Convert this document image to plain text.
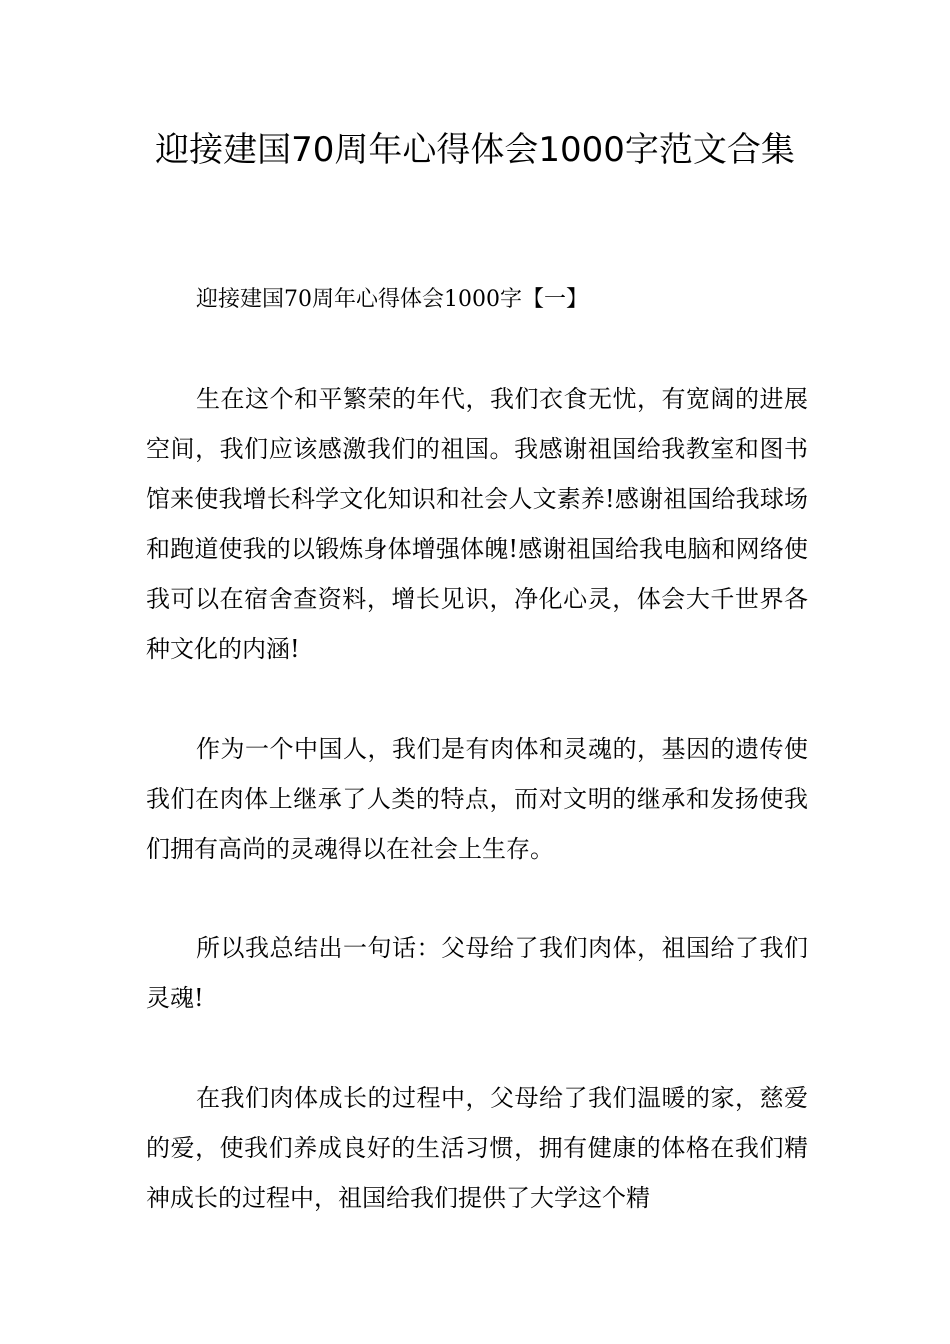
迎接建国70周年心得体会1000字范文合集

迎接建国70周年心得体会1000字【一】

生在这个和平繁荣的年代，我们衣食无忧，有宽阔的进展空间，我们应该感激我们的祖国。我感谢祖国给我教室和图书馆来使我增长科学文化知识和社会人文素养!感谢祖国给我球场和跑道使我的以锻炼身体增强体魄!感谢祖国给我电脑和网络使我可以在宿舍查资料，增长见识，净化心灵，体会大千世界各种文化的内涵!

作为一个中国人，我们是有肉体和灵魂的，基因的遗传使我们在肉体上继承了人类的特点，而对文明的继承和发扬使我们拥有高尚的灵魂得以在社会上生存。

所以我总结出一句话：父母给了我们肉体，祖国给了我们灵魂!

在我们肉体成长的过程中，父母给了我们温暖的家，慈爱的爱，使我们养成良好的生活习惯，拥有健康的体格在我们精神成长的过程中，祖国给我们提供了大学这个精
